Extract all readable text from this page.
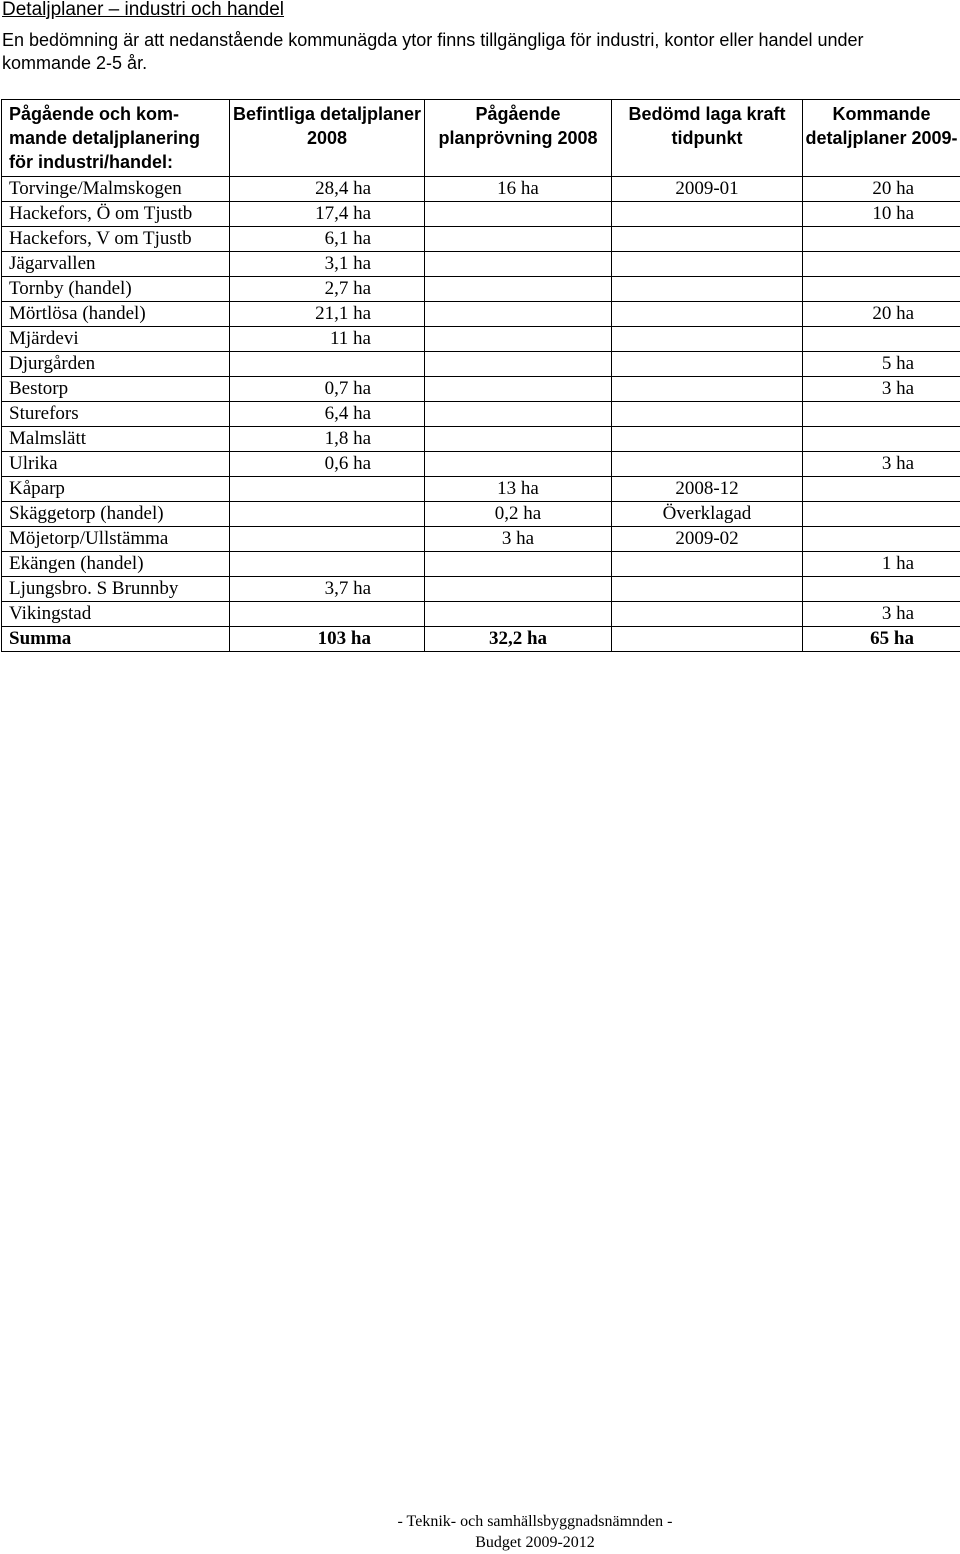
Detaljplaner – industri och handel
En bedömning är att nedanstående kommunägda ytor finns tillgängliga för industri, kontor eller handel under kommande 2-5 år.
Pågående och kom-mande detaljplanering för industri/handel:	Befintliga detaljplaner 2008	Pågående planprövning 2008	Bedömd laga kraft tidpunkt	Kommande detaljplaner 2009-
Torvinge/Malmskogen	28,4 ha	16 ha	2009-01	20 ha
Hackefors, Ö om Tjustb	17,4 ha			10 ha
Hackefors, V om Tjustb	6,1 ha			
Jägarvallen	3,1 ha			
Tornby (handel)	2,7 ha			
Mörtlösa (handel)	21,1 ha			20 ha
Mjärdevi	11 ha			
Djurgården				5 ha
Bestorp	0,7 ha			3 ha
Sturefors	6,4 ha			
Malmslätt	1,8 ha			
Ulrika	0,6 ha			3 ha
Kåparp		13 ha	2008-12	
Skäggetorp (handel)		0,2 ha	Överklagad	
Möjetorp/Ullstämma		3 ha	2009-02	
Ekängen (handel)				1 ha
Ljungsbro. S Brunnby	3,7 ha			
Vikingstad				3 ha
Summa	103 ha	32,2 ha		65 ha
- Teknik- och samhällsbyggnadsnämnden -
Budget 2009-2012
